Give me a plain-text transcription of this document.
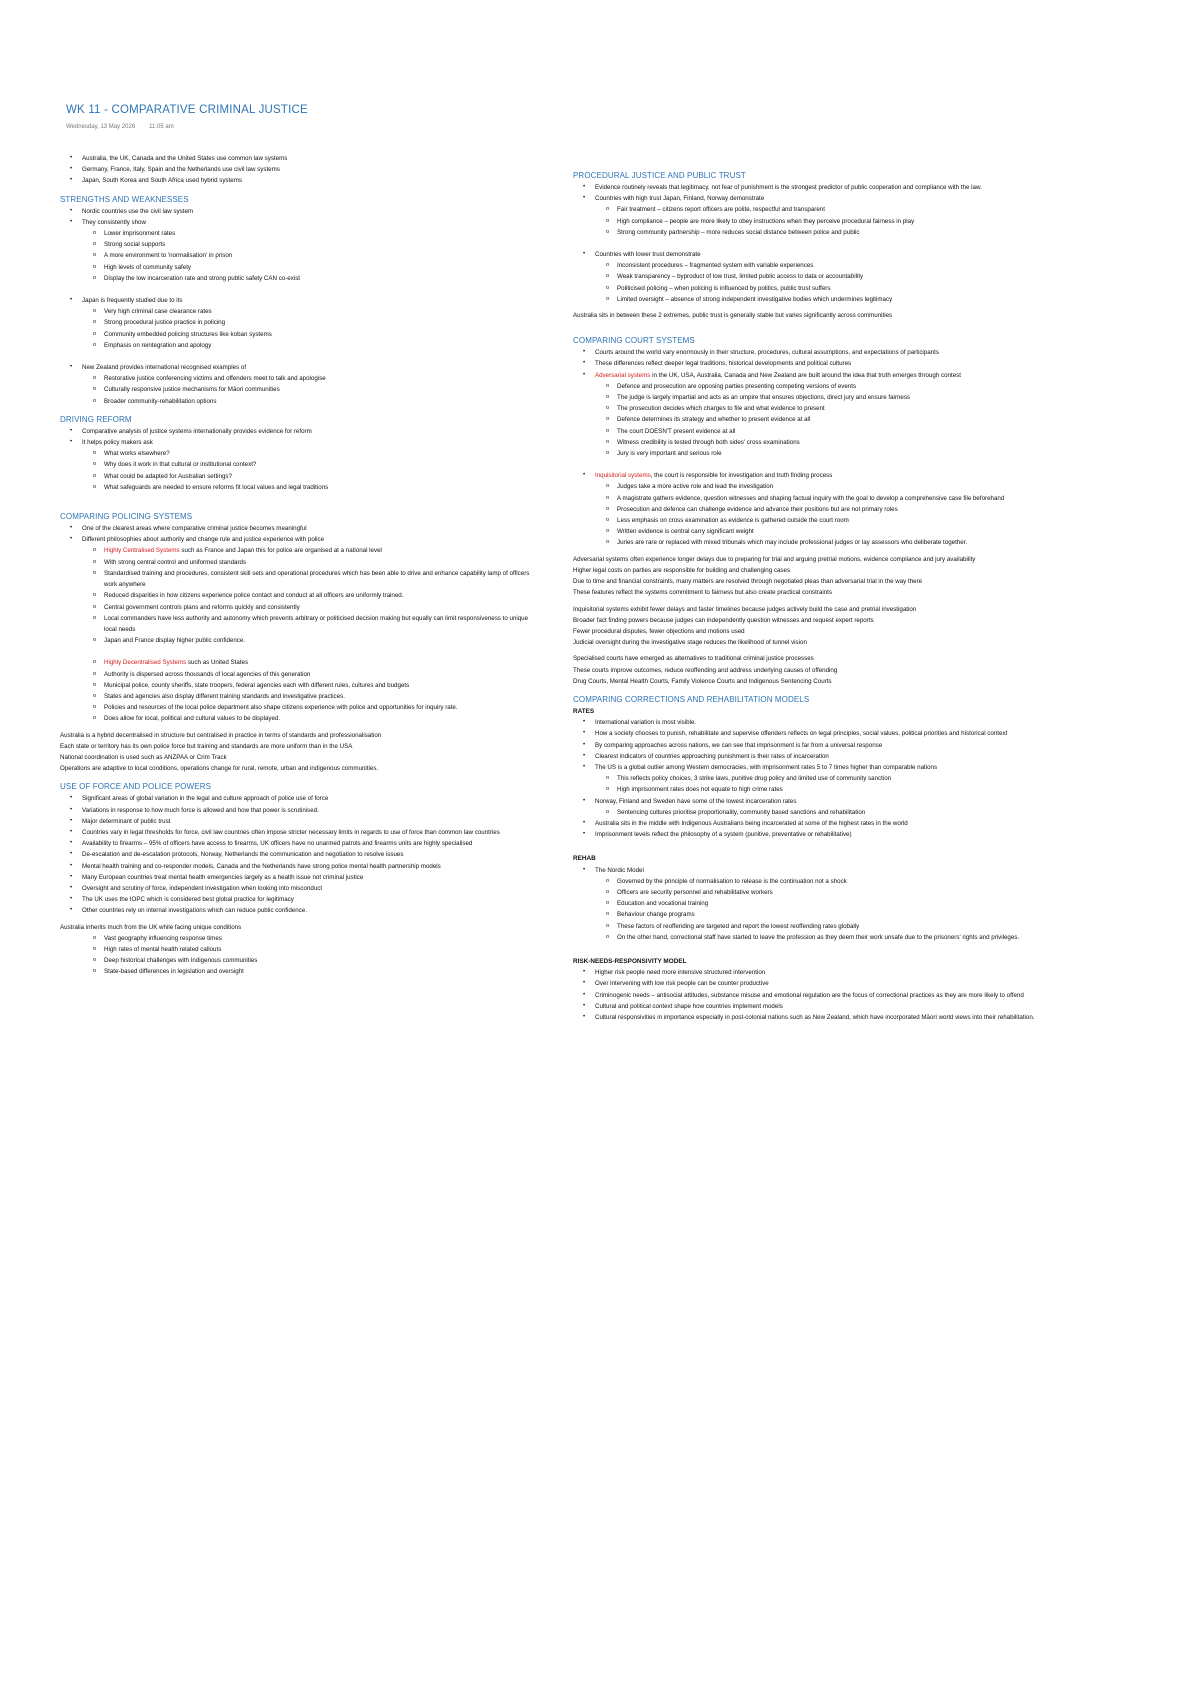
WK 11 - COMPARATIVE CRIMINAL JUSTICE
Wednesday, 13 May 2026 11:05 am
• Australia, the UK, Canada and the United States use common law systems
• Germany, France, Italy, Spain and the Netherlands use civil law systems
• Japan, South Korea and South Africa used hybrid systems
STRENGTHS AND WEAKNESSES
• Nordic countries use the civil law system
• They consistently show
o Lower imprisonment rates
o Strong social supports
o A more environment to 'normalisation' in prison
o High levels of community safety
o Display the low incarceration rate and strong public safety CAN co-exist
• Japan is frequently studied due to its
o Very high criminal case clearance rates
o Strong procedural justice practice in policing
o Community embedded policing structures like koban systems
o Emphasis on reintegration and apology
• New Zealand provides international recognised examples of
o Restorative justice conferencing victims and offenders meet to talk and apologise
o Culturally responsive justice mechanisms for Māori communities
o Broader community-rehabilitation options
DRIVING REFORM
• Comparative analysis of justice systems internationally provides evidence for reform
• It helps policy makers ask
o What works elsewhere?
o Why does it work in that cultural or institutional context?
o What could be adapted for Australian settings?
o What safeguards are needed to ensure reforms fit local values and legal traditions
COMPARING POLICING SYSTEMS
• One of the clearest areas where comparative criminal justice becomes meaningful
• Different philosophies about authority and change rule and justice experience with police
o Highly Centralised Systems such as France and Japan this for police are organised at a national level
o With strong central control and uniformed standards
o Standardised training and procedures, consistent skill sets and operational procedures which has been able to drive and enhance capability lamp of officers work anywhere
o Reduced disparities in how citizens experience police contact and conduct at all officers are uniformly trained.
o Central government controls plans and reforms quickly and consistently
o Local commanders have less authority and autonomy which prevents arbitrary or politicised decision making but equally can limit responsiveness to unique local needs
o Japan and France display higher public confidence.
o Highly Decentralised Systems such as United States
o Authority is dispersed across thousands of local agencies of this generation
o Municipal police, county sheriffs, state troopers, federal agencies each with different rules, cultures and budgets
o States and agencies also display different training standards and investigative practices.
o Policies and resources of the local police department also shape citizens experience with police and opportunities for inquiry rate.
o Does allow for local, political and cultural values to be displayed.
Australia is a hybrid decentralised in structure but centralised in practice in terms of standards and professionalisation
Each state or territory has its own police force but training and standards are more uniform than in the USA
National coordination is used such as ANZPAA or Crim Track
Operations are adaptive to local conditions, operations change for rural, remote, urban and indigenous communities.
USE OF FORCE AND POLICE POWERS
• Significant areas of global variation in the legal and culture approach of police use of force
• Variations in response to how much force is allowed and how that power is scrutinised.
• Major determinant of public trust
• Countries vary in legal thresholds for force, civil law countries often impose stricter necessary limits in regards to use of force than common law countries
• Availability to firearms – 95% of officers have access to firearms, UK officers have no unarmed patrols and firearms units are highly specialised
• De-escalation and de-escalation protocols, Norway, Netherlands the communication and negotiation to resolve issues
• Mental health training and co-responder models, Canada and the Netherlands have strong police mental health partnership models
• Many European countries treat mental health emergencies largely as a health issue not criminal justice
• Oversight and scrutiny of force, independent investigation when looking into misconduct
• The UK uses the IOPC which is considered best global practice for legitimacy
• Other countries rely on internal investigations which can reduce public confidence.
Australia inherits much from the UK while facing unique conditions
o Vast geography influencing response times
o High rates of mental health related callouts
o Deep historical challenges with Indigenous communities
o State-based differences in legislation and oversight
PROCEDURAL JUSTICE AND PUBLIC TRUST
• Evidence routinely reveals that legitimacy, not fear of punishment is the strongest predictor of public cooperation and compliance with the law.
• Countries with high trust Japan, Finland, Norway demonstrate
o Fair treatment – citizens report officers are polite, respectful and transparent
o High compliance – people are more likely to obey instructions when they perceive procedural fairness in play
o Strong community partnership – more reduces social distance between police and public
• Countries with lower trust demonstrate
o Inconsistent procedures – fragmented system with variable experiences
o Weak transparency – byproduct of low trust, limited public access to data or accountability
o Politicised policing – when policing is influenced by politics, public trust suffers
o Limited oversight – absence of strong independent investigative bodies which undermines legitimacy
Australia sits in between these 2 extremes, public trust is generally stable but varies significantly across communities
COMPARING COURT SYSTEMS
• Courts around the world vary enormously in their structure, procedures, cultural assumptions, and expectations of participants
• These differences reflect deeper legal traditions, historical developments and political cultures
• Adversarial systems in the UK, USA, Australia, Canada and New Zealand are built around the idea that truth emerges through contest
o Defence and prosecution are opposing parties presenting competing versions of events
o The judge is largely impartial and acts as an umpire that ensures objections, direct jury and ensure fairness
o The prosecution decides which charges to file and what evidence to present
o Defence determines its strategy and whether to present evidence at all
o The court DOESN'T present evidence at all
o Witness credibility is tested through both sides' cross examinations
o Jury is very important and serious role
• Inquisitorial systems, the court is responsible for investigation and truth finding process
o Judges take a more active role and lead the investigation
o A magistrate gathers evidence, question witnesses and shaping factual inquiry with the goal to develop a comprehensive case file beforehand
o Prosecution and defence can challenge evidence and advance their positions but are not primary roles
o Less emphasis on cross examination as evidence is gathered outside the court room
o Written evidence is central carry significant weight
o Juries are rare or replaced with mixed tribunals which may include professional judges or lay assessors who deliberate together.
Adversarial systems often experience longer delays due to preparing for trial and arguing pretrial motions, evidence compliance and jury availability
Higher legal costs on parties are responsible for building and challenging cases
Due to time and financial constraints, many matters are resolved through negotiated pleas than adversarial trial in the way there
These features reflect the systems commitment to fairness but also create practical constraints
Inquisitorial systems exhibit fewer delays and faster timelines because judges actively build the case and pretrial investigation
Broader fact finding powers because judges can independently question witnesses and request expert reports
Fewer procedural disputes, fewer objections and motions used
Judicial oversight during the investigative stage reduces the likelihood of tunnel vision
Specialised courts have emerged as alternatives to traditional criminal justice processes
These courts improve outcomes, reduce reoffending and address underlying causes of offending
Drug Courts, Mental Health Courts, Family Violence Courts and Indigenous Sentencing Courts
COMPARING CORRECTIONS AND REHABILITATION MODELS
RATES
• International variation is most visible.
• How a society chooses to punish, rehabilitate and supervise offenders reflects on legal principles, social values, political priorities and historical context
• By comparing approaches across nations, we can see that imprisonment is far from a universal response
• Clearest indicators of countries approaching punishment is their rates of incarceration
• The US is a global outlier among Western democracies, with imprisonment rates 5 to 7 times higher than comparable nations
o This reflects policy choices, 3 strike laws, punitive drug policy and limited use of community sanction
o High imprisonment rates does not equate to high crime rates
• Norway, Finland and Sweden have some of the lowest incarceration rates
o Sentencing cultures prioritise proportionality, community based sanctions and rehabilitation
• Australia sits in the middle with Indigenous Australians being incarcerated at some of the highest rates in the world
• Imprisonment levels reflect the philosophy of a system (punitive, preventative or rehabilitative)
REHAB
• The Nordic Model
o Governed by the principle of normalisation to release is the continuation not a shock
o Officers are security personnel and rehabilitative workers
o Education and vocational training
o Behaviour change programs
o These factors of reoffending are targeted and report the lowest reoffending rates globally
o On the other hand, correctional staff have started to leave the profession as they deem their work unsafe due to the prisoners' rights and privileges.
RISK-NEEDS-RESPONSIVITY MODEL
• Higher risk people need more intensive structured intervention
• Over intervening with low risk people can be counter productive
• Criminogenic needs – antisocial attitudes, substance misuse and emotional regulation are the focus of correctional practices as they are more likely to offend
• Cultural and political context shape how countries implement models
• Cultural responsivities in importance especially in post-colonial nations such as New Zealand, which have incorporated Māori world views into their rehabilitation.
